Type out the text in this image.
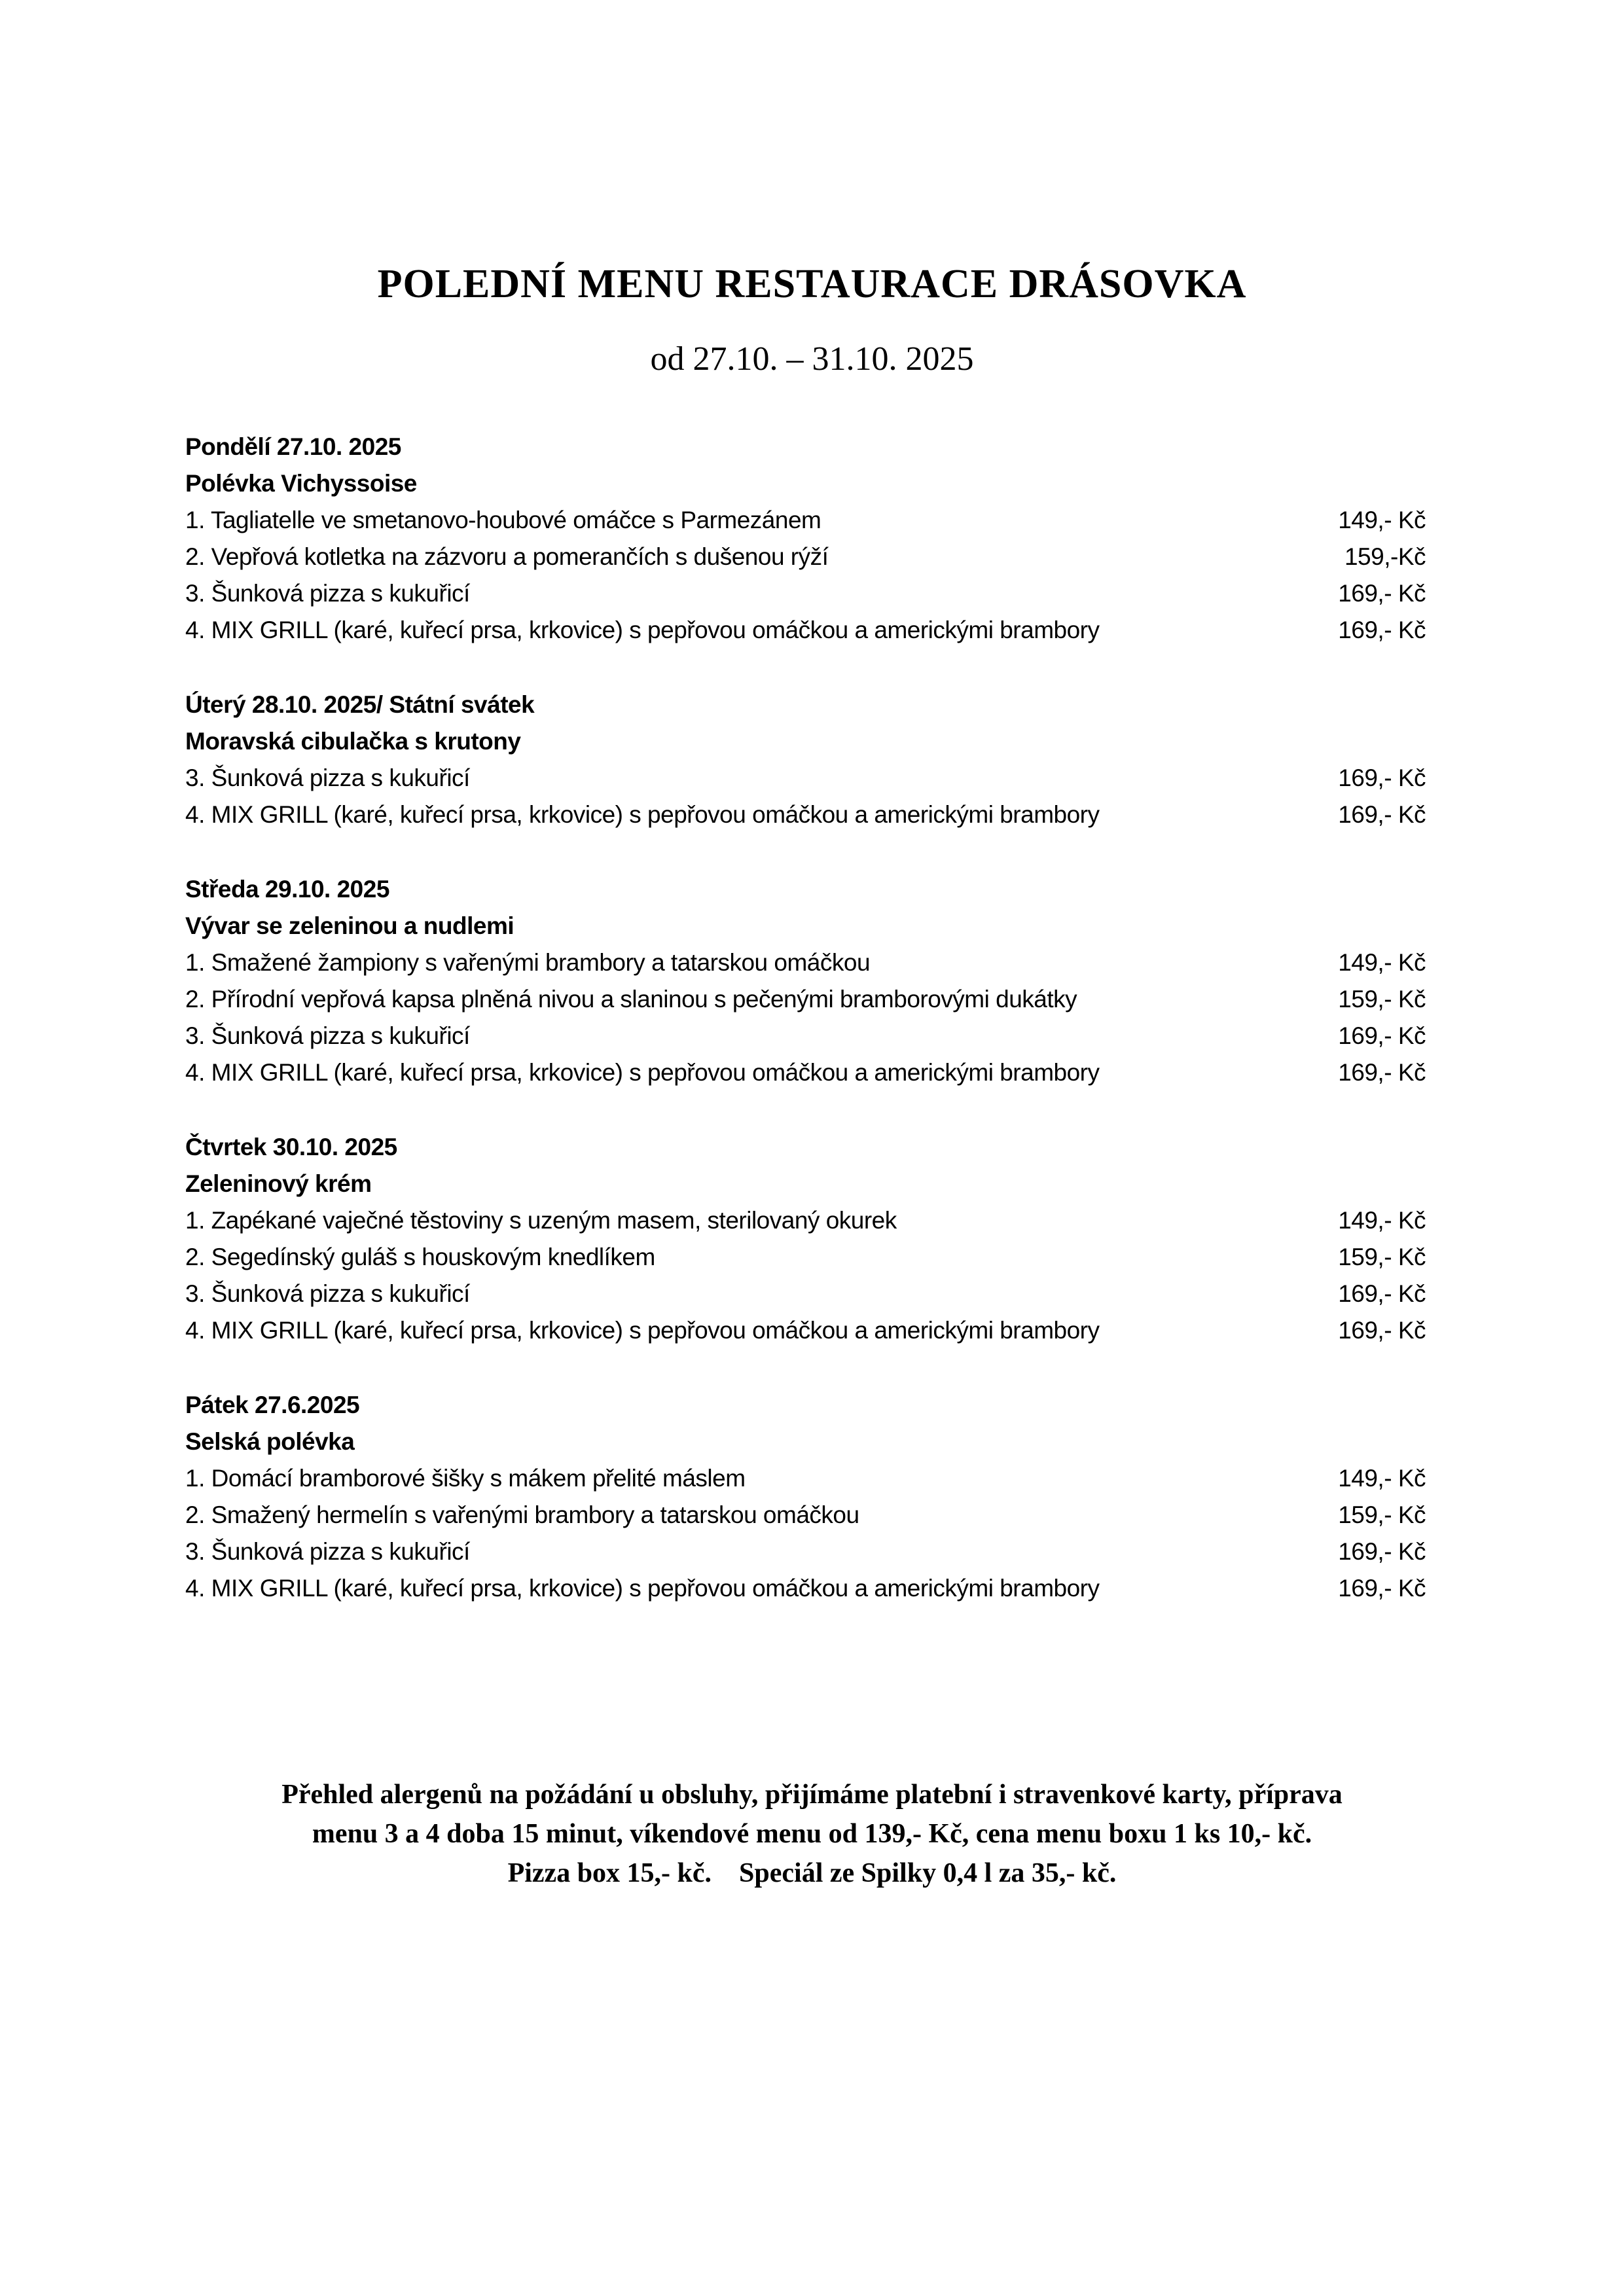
POLEDNÍ MENU RESTAURACE DRÁSOVKA
od 27.10. – 31.10. 2025
Pondělí 27.10. 2025
Polévka Vichyssoise
1. Tagliatelle ve smetanovo-houbové omáčce s Parmezánem	149,- Kč
2. Vepřová kotletka na zázvoru a pomerančích s dušenou rýží	159,-Kč
3. Šunková pizza s kukuřicí	169,- Kč
4. MIX GRILL (karé, kuřecí prsa, krkovice) s pepřovou omáčkou a americkými brambory	169,- Kč
Úterý 28.10. 2025/ Státní svátek
Moravská cibulačka s krutony
3. Šunková pizza s kukuřicí	169,- Kč
4. MIX GRILL (karé, kuřecí prsa, krkovice) s pepřovou omáčkou a americkými brambory	169,- Kč
Středa 29.10. 2025
Vývar se zeleninou a nudlemi
1. Smažené žampiony s vařenými brambory a tatarskou omáčkou	149,- Kč
2. Přírodní vepřová kapsa plněná nivou a slaninou s pečenými bramborovými dukátky	159,- Kč
3. Šunková pizza s kukuřicí	169,- Kč
4. MIX GRILL (karé, kuřecí prsa, krkovice) s pepřovou omáčkou a americkými brambory	169,- Kč
Čtvrtek 30.10. 2025
Zeleninový krém
1. Zapékané vaječné těstoviny s uzeným masem, sterilovaný okurek	149,- Kč
2. Segedínský guláš s houskovým knedlíkem	159,- Kč
3. Šunková pizza s kukuřicí	169,- Kč
4. MIX GRILL (karé, kuřecí prsa, krkovice) s pepřovou omáčkou a americkými brambory	169,- Kč
Pátek 27.6.2025
Selská polévka
1. Domácí bramborové šišky s mákem přelité máslem	149,- Kč
2. Smažený hermelín s vařenými brambory a tatarskou omáčkou	159,- Kč
3. Šunková pizza s kukuřicí	169,- Kč
4. MIX GRILL (karé, kuřecí prsa, krkovice) s pepřovou omáčkou a americkými brambory	169,- Kč
Přehled alergenů na požádání u obsluhy, přijímáme platební i stravenkové karty, příprava
menu 3 a 4 doba 15 minut, víkendové menu od 139,- Kč, cena menu boxu 1 ks 10,- kč.
Pizza box 15,- kč.    Speciál ze Spilky 0,4 l za 35,- kč.
